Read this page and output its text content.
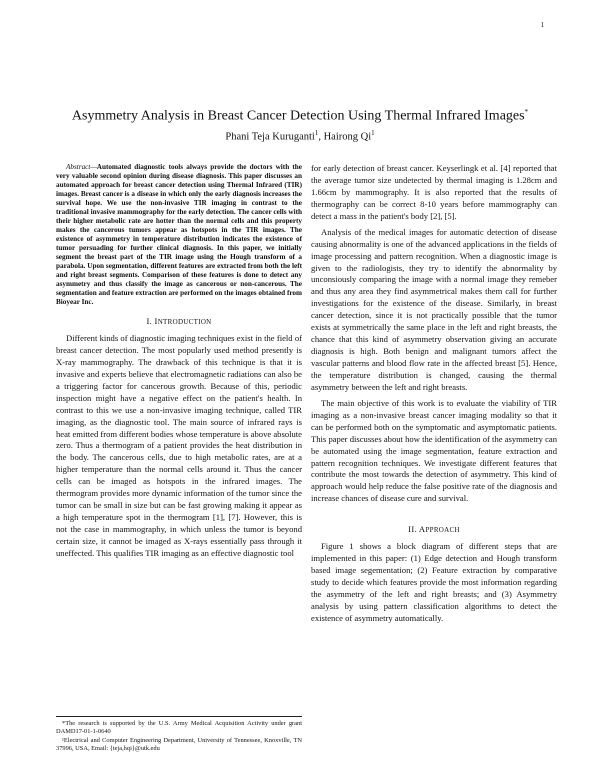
1
Asymmetry Analysis in Breast Cancer Detection Using Thermal Infrared Images*
Phani Teja Kuruganti$^1$, Hairong Qi$^1$

Abstract—Automated diagnostic tools always provide the doctors with the very valuable second opinion during disease diagnosis. This paper discusses an automated approach for breast cancer detection using Thermal Infrared (TIR) images. Breast cancer is a disease in which only the early diagnosis increases the survival hope. We use the non-invasive TIR imaging in contrast to the traditional invasive mammography for the early detection. The cancer cells with their higher metabolic rate are hotter than the normal cells and this property makes the cancerous tumors appear as hotspots in the TIR images. The existence of asymmetry in temperature distribution indicates the existence of tumor persuading for further clinical diagnosis. In this paper, we initially segment the breast part of the TIR image using the Hough transform of a parabola. Upon segmentation, different features are extracted from both the left and right breast segments. Comparison of these features is done to detect any asymmetry and thus classify the image as cancerous or non-cancerous. The segmentation and feature extraction are performed on the images obtained from Bioyear Inc.

I. INTRODUCTION

Different kinds of diagnostic imaging techniques exist in the field of breast cancer detection. The most popularly used method presently is X-ray mammography. The drawback of this technique is that it is invasive and experts believe that electromagnetic radiations can also be a triggering factor for cancerous growth. Because of this, periodic inspection might have a negative effect on the patient's health. In contrast to this we use a non-invasive imaging technique, called TIR imaging, as the diagnostic tool. The main source of infrared rays is heat emitted from different bodies whose temperature is above absolute zero. Thus a thermogram of a patient provides the heat distribution in the body. The cancerous cells, due to high metabolic rates, are at a higher temperature than the normal cells around it. Thus the cancer cells can be imaged as hotspots in the infrared images. The thermogram provides more dynamic information of the tumor since the tumor can be small in size but can be fast growing making it appear as a high temperature spot in the thermogram [1], [7]. However, this is not the case in mammography, in which unless the tumor is beyond certain size, it cannot be imaged as X-rays essentially pass through it uneffected. This qualifies TIR imaging as an effective diagnostic tool

*The research is supported by the U.S. Army Medical Acquisition Activity under grant DAMD17-01-1-0640

¹Electrical and Computer Engineering Department, University of Tennessee, Knoxville, TN 37996, USA, Email: {teja,hqi}@utk.edu

for early detection of breast cancer. Keyserlingk et al. [4] reported that the average tumor size undetected by thermal imaging is 1.28cm and 1.66cm by mammography. It is also reported that the results of thermography can be correct 8-10 years before mammography can detect a mass in the patient's body [2], [5].

Analysis of the medical images for automatic detection of disease causing abnormality is one of the advanced applications in the fields of image processing and pattern recognition. When a diagnostic image is given to the radiologists, they try to identify the abnormality by unconsiously comparing the image with a normal image they remeber and thus any area they find asymmetrical makes them call for further investigations for the existence of the disease. Similarly, in breast cancer detection, since it is not practically possible that the tumor exists at symmetrically the same place in the left and right breasts, the chance that this kind of asymmetry observation giving an accurate diagnosis is high. Both benign and malignant tumors affect the vascular patterns and blood flow rate in the affected breast [5]. Hence, the temperature distribution is changed, causing the thermal asymmetry between the left and right breasts.

The main objective of this work is to evaluate the viability of TIR imaging as a non-invasive breast cancer imaging modality so that it can be performed both on the symptomatic and asymptomatic patients. This paper discusses about how the identification of the asymmetry can be automated using the image segmentation, feature extraction and pattern recognition techniques. We investigate different features that contribute the most towards the detection of asymmetry. This kind of approach would help reduce the false positive rate of the diagnosis and increase chances of disease cure and survival.

II. APPROACH

Figure 1 shows a block diagram of different steps that are implemented in this paper: (1) Edge detection and Hough transform based image segementation; (2) Feature extraction by comparative study to decide which features provide the most information regarding the asymmetry of the left and right breasts; and (3) Asymmetry analysis by using pattern classification algorithms to detect the existence of asymmetry automatically.
